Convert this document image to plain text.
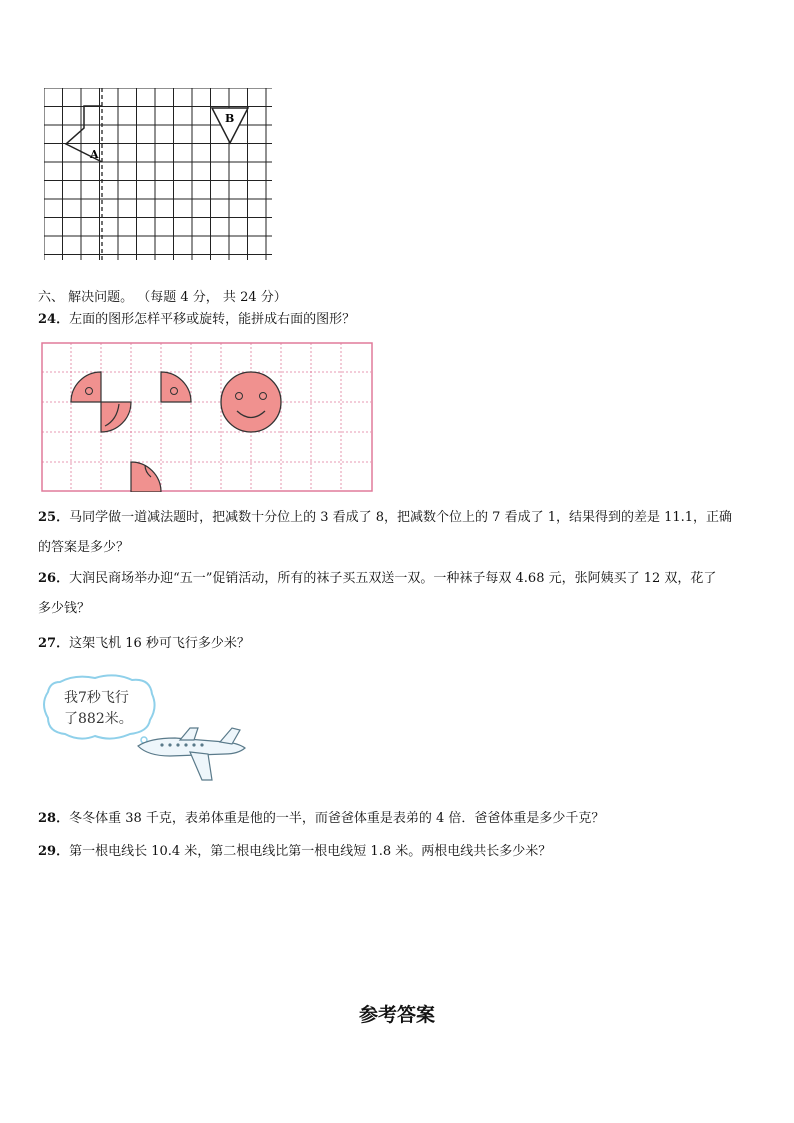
A
B
六、 解决问题。 （每题 4 分， 共 24 分）
24．左面的图形怎样平移或旋转，能拼成右面的图形？
25．马同学做一道减法题时，把减数十分位上的 3 看成了 8，把减数个位上的 7 看成了 1，结果得到的差是 11.1，正确
的答案是多少？
26．大润民商场举办迎“五一”促销活动，所有的袜子买五双送一双。一种袜子每双 4.68 元，张阿姨买了 12 双，花了
多少钱？
27．这架飞机 16 秒可飞行多少米？
我7秒飞行
了882米。
28．冬冬体重 38 千克，表弟体重是他的一半，而爸爸体重是表弟的 4 倍．爸爸体重是多少千克？
29．第一根电线长 10.4 米，第二根电线比第一根电线短 1.8 米。两根电线共长多少米？
参考答案
